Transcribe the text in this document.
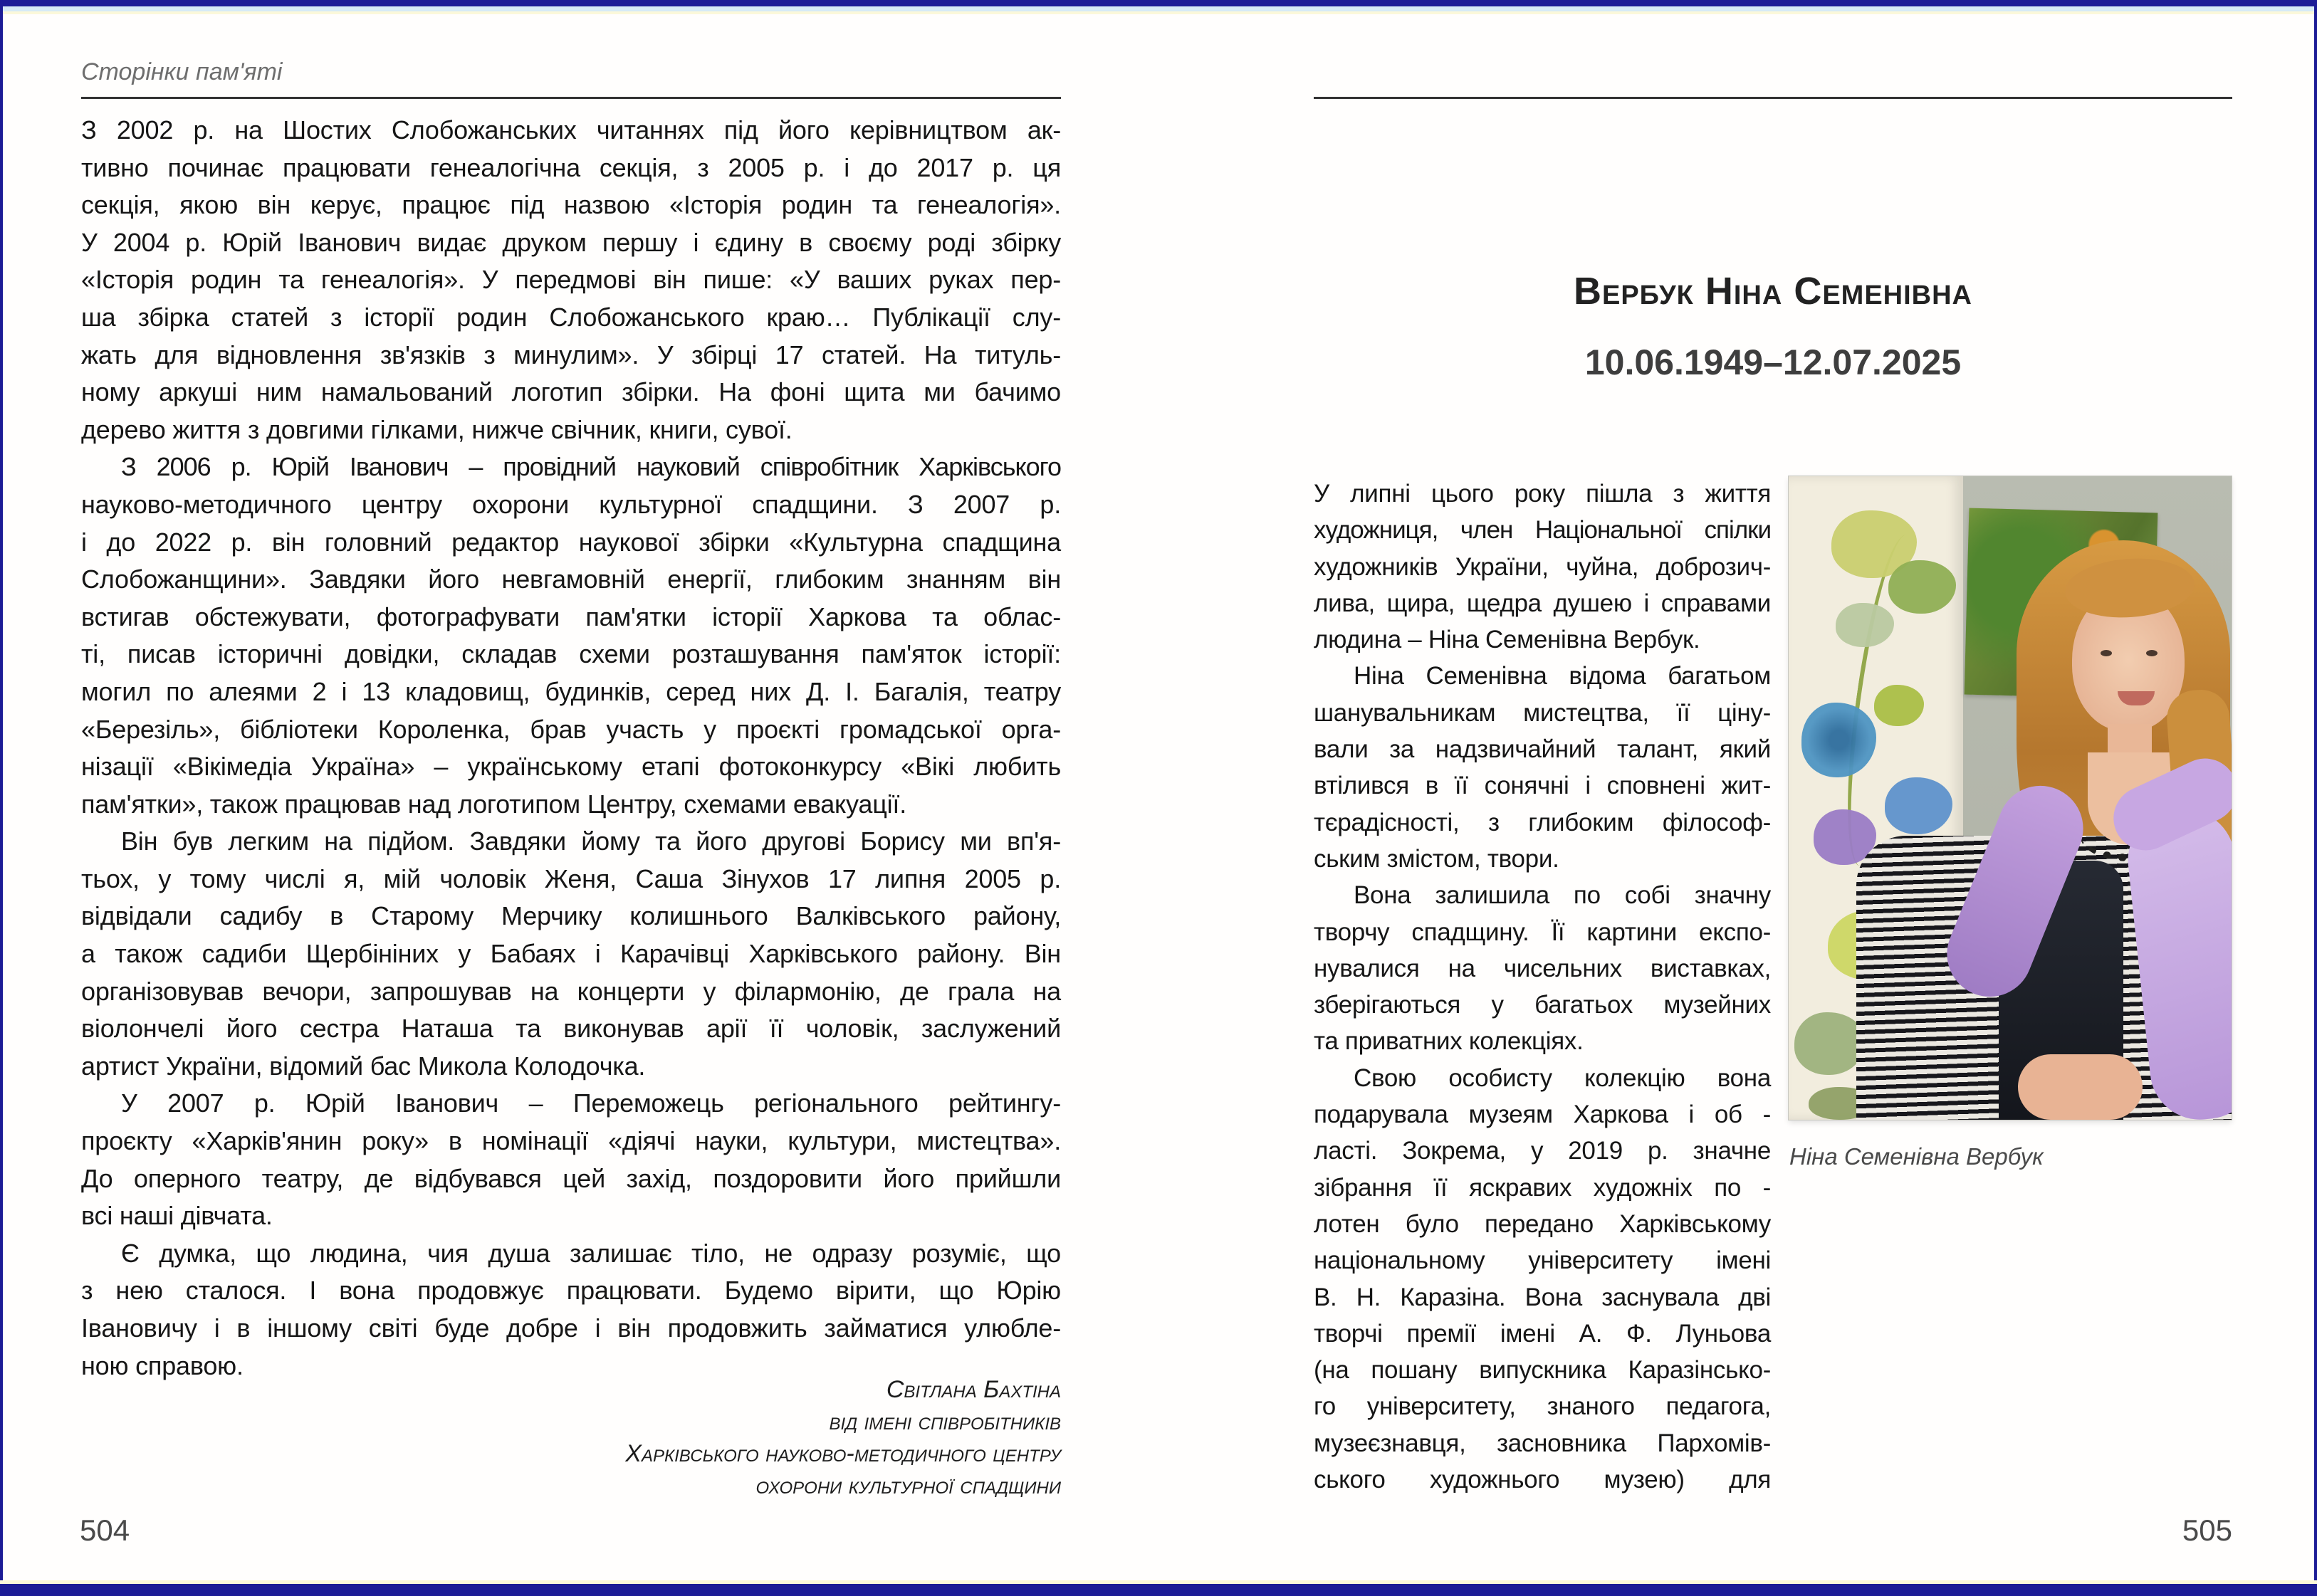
Сторінки пам'яті
З 2002 р. на Шостих Слобожанських читаннях під його керівництвом ак-
тивно починає працювати генеалогічна секція, з 2005 р. і до 2017 р. ця
секція, якою він керує, працює під назвою «Історія родин та генеалогія».
У 2004 р. Юрій Іванович видає друком першу і єдину в своєму роді збірку
«Історія родин та генеалогія». У передмові він пише: «У ваших руках пер-
ша збірка статей з історії родин Слобожанського краю… Публікації слу-
жать для відновлення зв'язків з минулим». У збірці 17 статей. На титуль-
ному аркуші ним намальований логотип збірки. На фоні щита ми бачимо
дерево життя з довгими гілками, нижче свічник, книги, сувої.
З 2006 р. Юрій Іванович – провідний науковий співробітник Харківського
науково-методичного центру охорони культурної спадщини. З 2007 р.
і до 2022 р. він головний редактор наукової збірки «Культурна спадщина
Слобожанщини». Завдяки його невгамовній енергії, глибоким знанням він
встигав обстежувати, фотографувати пам'ятки історії Харкова та облас-
ті, писав історичні довідки, складав схеми розташування пам'яток історії:
могил по алеями 2 і 13 кладовищ, будинків, серед них Д. І. Багалія, театру
«Березіль», бібліотеки Короленка, брав участь у проєкті громадської орга-
нізації «Вікімедіа Україна» – українському етапі фотоконкурсу «Вікі любить
пам'ятки», також працював над логотипом Центру, схемами евакуації.
Він був легким на підйом. Завдяки йому та його другові Борису ми вп'я-
тьох, у тому числі я, мій чоловік Женя, Саша Зінухов 17 липня 2005 р.
відвідали садибу в Старому Мерчику колишнього Валківського району,
а також садиби Щербініних у Бабаях і Карачівці Харківського району. Він
організовував вечори, запрошував на концерти у філармонію, де грала на
віолончелі його сестра Наташа та виконував арії її чоловік, заслужений
артист України, відомий бас Микола Колодочка.
У 2007 р. Юрій Іванович – Переможець регіонального рейтингу-
проєкту «Харків'янин року» в номінації «діячі науки, культури, мистецтва».
До оперного театру, де відбувався цей захід, поздоровити його прийшли
всі наші дівчата.
Є думка, що людина, чия душа залишає тіло, не одразу розуміє, що
з нею сталося. І вона продовжує працювати. Будемо вірити, що Юрію
Івановичу і в іншому світі буде добре і він продовжить займатися улюбле-
ною справою.
Світлана Бахтіна
від імені співробітників
Харківського науково-методичного центру
охорони культурної спадщини
504
Вербук Ніна Семенівна
10.06.1949–12.07.2025
У липні цього року пішла з життя
художниця, член Національної спілки
художників України, чуйна, доброзич-
лива, щира, щедра душею і справами
людина – Ніна Семенівна Вербук.
Ніна Семенівна відома багатьом
шанувальникам мистецтва, її ціну-
вали за надзвичайний талант, який
втілився в її сонячні і сповнені жит-
тєрадісності, з глибоким філософ-
ським змістом, твори.
Вона залишила по собі значну
творчу спадщину. Її картини експо-
нувалися на чисельних виставках,
зберігаються у багатьох музейних
та приватних колекціях.
Свою особисту колекцію вона
подарувала музеям Харкова і об -
ласті. Зокрема, у 2019 р. значне
зібрання її яскравих художніх по -
лотен було передано Харківському
національному університету імені
В. Н. Каразіна. Вона заснувала дві
творчі премії імені А. Ф. Луньова
(на пошану випускника Каразінсько-
го університету, знаного педагога,
музеєзнавця, засновника Пархомів-
ського художнього музею) для
Ніна Семенівна Вербук
505
